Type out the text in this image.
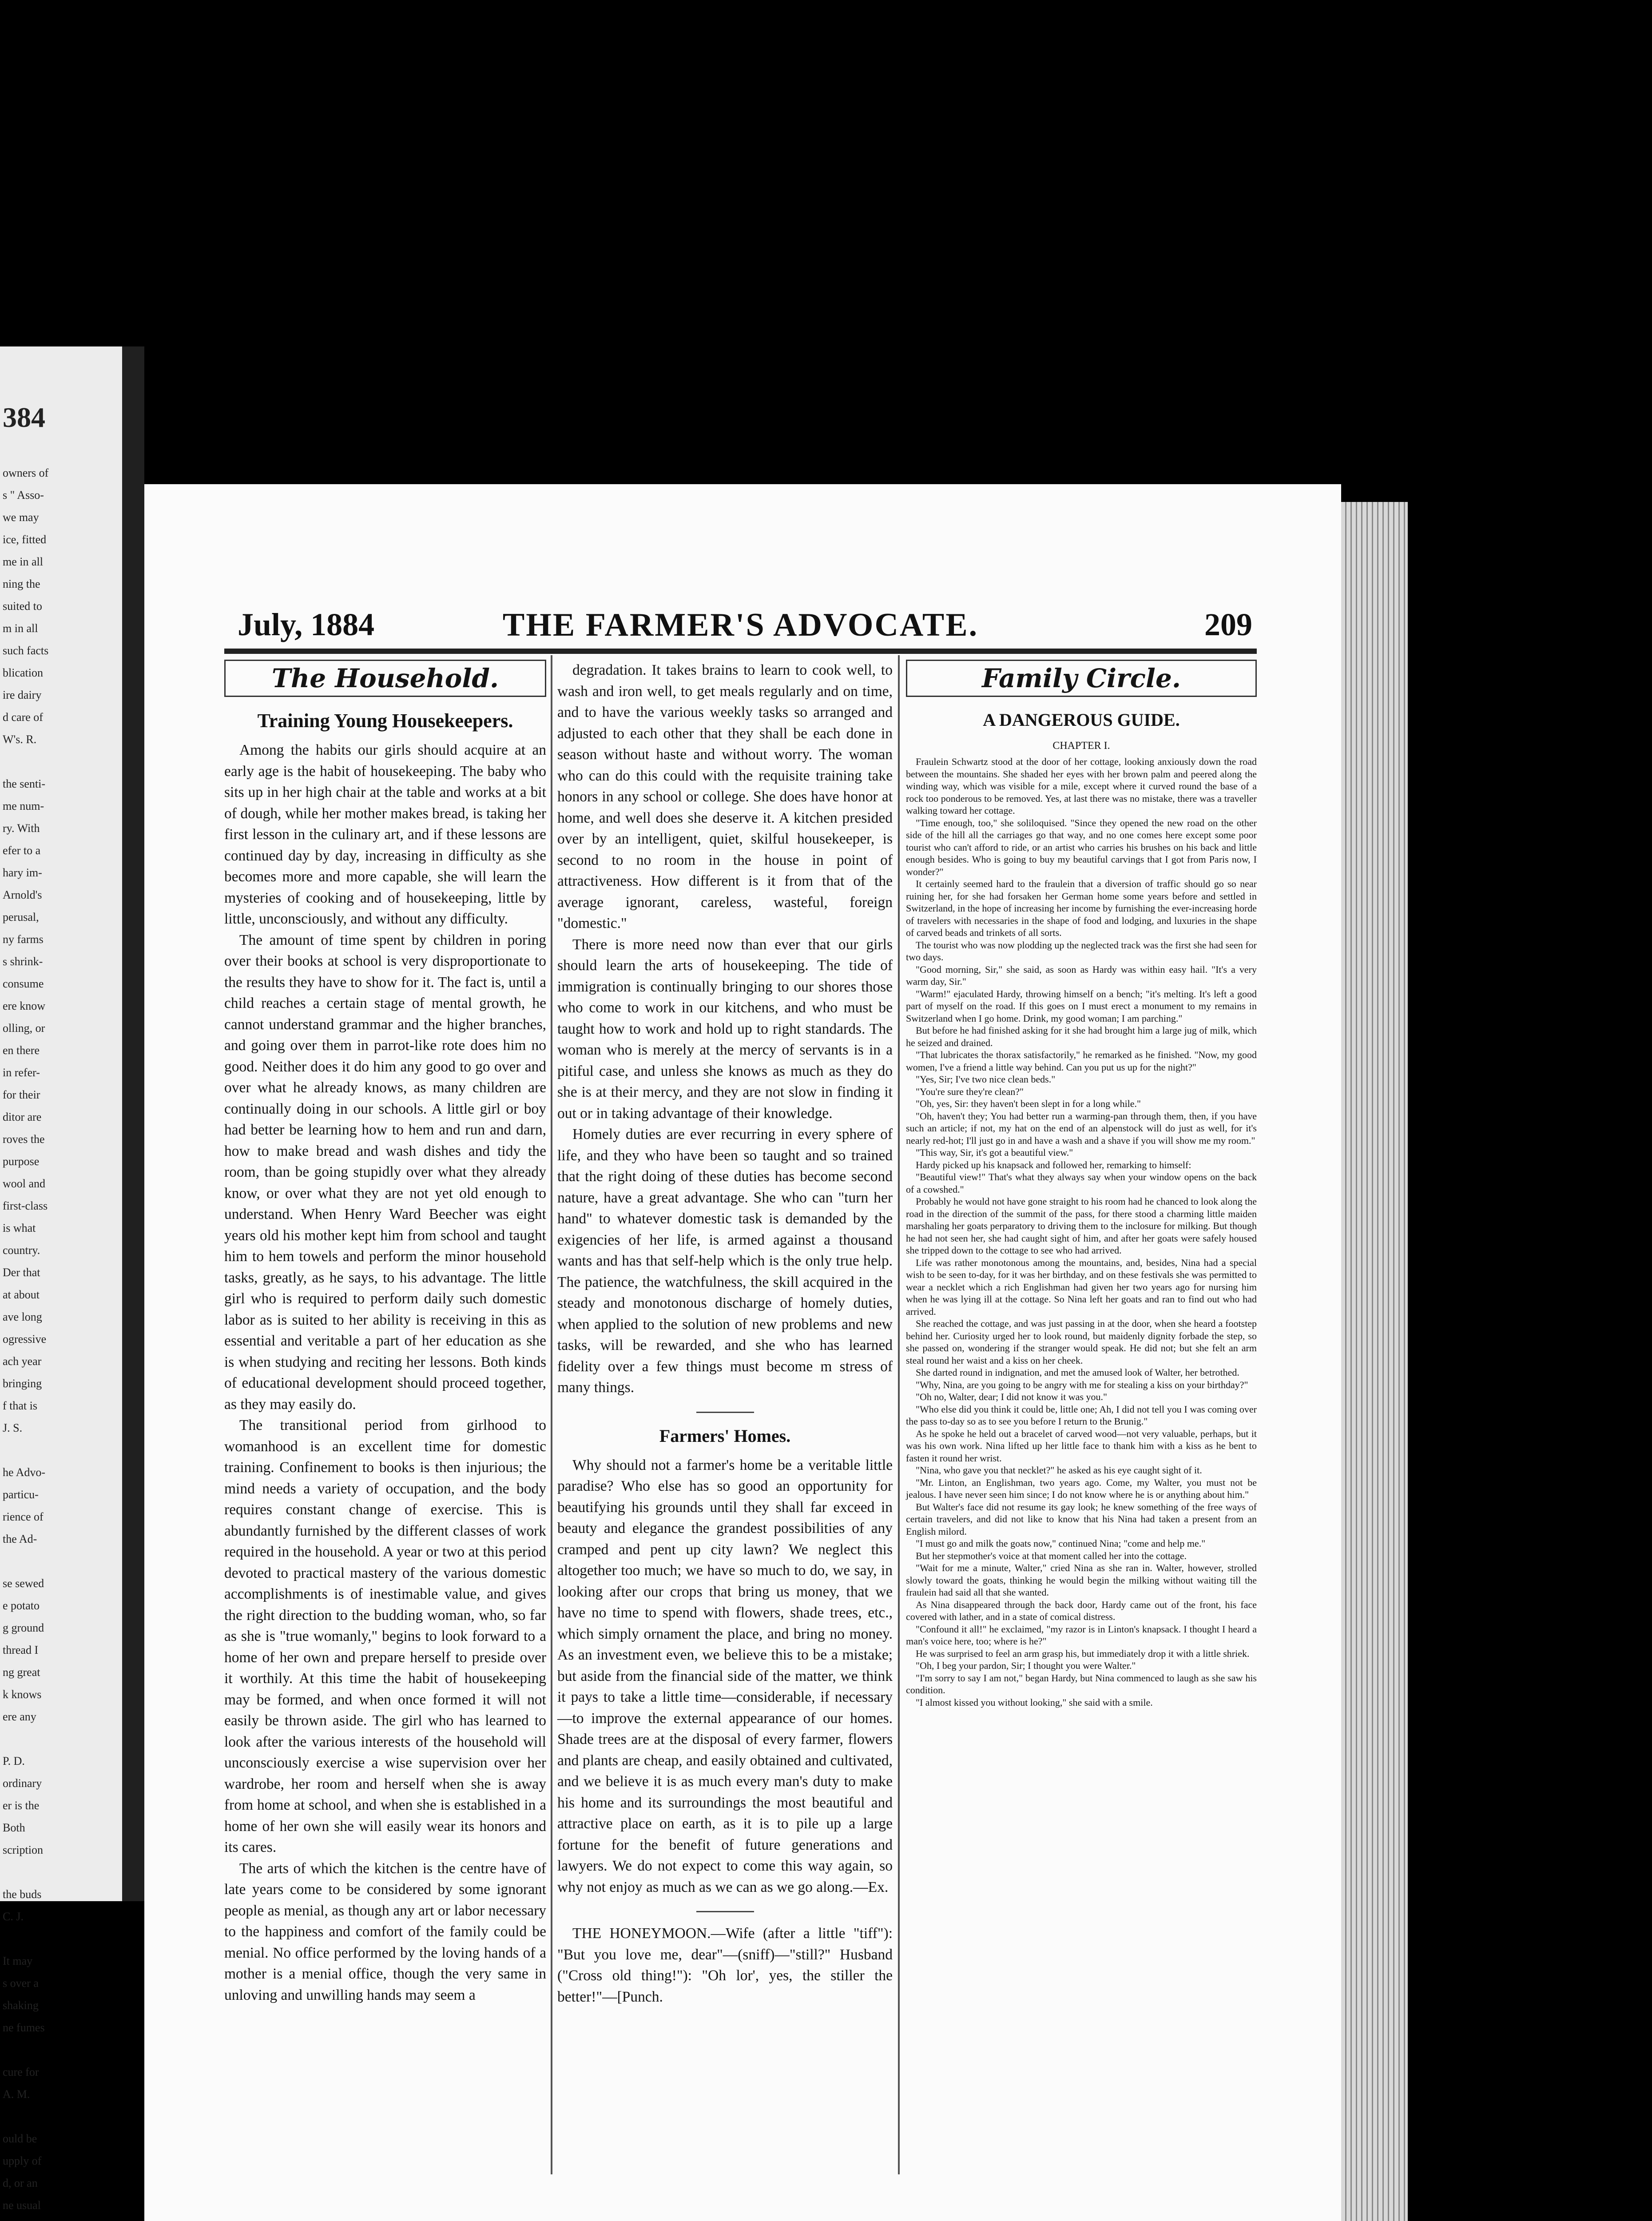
384
owners of
s " Asso-
we may
ice, fitted
me in all
ning the
suited to
m in all
such facts
blication
ire dairy
d care of
W's. R.
the senti-
me num-
ry. With
efer to a
hary im-
Arnold's
perusal,
ny farms
s shrink-
consume
ere know
olling, or
en there
in refer-
for their
ditor are
roves the
purpose
wool and
first-class
is what
country.
Der that
at about
ave long
ogressive
ach year
bringing
f that is
J. S.
he Advo-
particu-
rience of
the Ad-
se sewed
e potato
g ground
thread I
ng great
k knows
ere any
P. D.
ordinary
er is the
Both
scription
the buds
C. J.
It may
s over a
shaking
ne fumes
cure for
A. M.
ould be
upply of
d, or an
ne usual
July, 1884	THE FARMER'S ADVOCATE.	209
The Household.
Training Young Housekeepers.

Among the habits our girls should acquire at an early age is the habit of housekeeping. The baby who sits up in her high chair at the table and works at a bit of dough, while her mother makes bread, is taking her first lesson in the culinary art, and if these lessons are continued day by day, increasing in difficulty as she becomes more and more capable, she will learn the mysteries of cooking and of housekeeping, little by little, unconsciously, and without any difficulty.

The amount of time spent by children in poring over their books at school is very disproportionate to the results they have to show for it. The fact is, until a child reaches a certain stage of mental growth, he cannot understand grammar and the higher branches, and going over them in parrot-like rote does him no good. Neither does it do him any good to go over and over what he already knows, as many children are continually doing in our schools. A little girl or boy had better be learning how to hem and run and darn, how to make bread and wash dishes and tidy the room, than be going stupidly over what they already know, or over what they are not yet old enough to understand. When Henry Ward Beecher was eight years old his mother kept him from school and taught him to hem towels and perform the minor household tasks, greatly, as he says, to his advantage. The little girl who is required to perform daily such domestic labor as is suited to her ability is receiving in this as essential and veritable a part of her education as she is when studying and reciting her lessons. Both kinds of educational development should proceed together, as they may easily do.

The transitional period from girlhood to womanhood is an excellent time for domestic training. Confinement to books is then injurious; the mind needs a variety of occupation, and the body requires constant change of exercise. This is abundantly furnished by the different classes of work required in the household. A year or two at this period devoted to practical mastery of the various domestic accomplishments is of inestimable value, and gives the right direction to the budding woman, who, so far as she is "true womanly," begins to look forward to a home of her own and prepare herself to preside over it worthily. At this time the habit of housekeeping may be formed, and when once formed it will not easily be thrown aside. The girl who has learned to look after the various interests of the household will unconsciously exercise a wise supervision over her wardrobe, her room and herself when she is away from home at school, and when she is established in a home of her own she will easily wear its honors and its cares.

The arts of which the kitchen is the centre have of late years come to be considered by some ignorant people as menial, as though any art or labor necessary to the happiness and comfort of the family could be menial. No office performed by the loving hands of a mother is a menial office, though the very same in unloving and unwilling hands may seem a

degradation. It takes brains to learn to cook well, to wash and iron well, to get meals regularly and on time, and to have the various weekly tasks so arranged and adjusted to each other that they shall be each done in season without haste and without worry. The woman who can do this could with the requisite training take honors in any school or college. She does have honor at home, and well does she deserve it. A kitchen presided over by an intelligent, quiet, skilful housekeeper, is second to no room in the house in point of attractiveness. How different is it from that of the average ignorant, careless, wasteful, foreign "domestic."

There is more need now than ever that our girls should learn the arts of housekeeping. The tide of immigration is continually bringing to our shores those who come to work in our kitchens, and who must be taught how to work and hold up to right standards. The woman who is merely at the mercy of servants is in a pitiful case, and unless she knows as much as they do she is at their mercy, and they are not slow in finding it out or in taking advantage of their knowledge.

Homely duties are ever recurring in every sphere of life, and they who have been so taught and so trained that the right doing of these duties has become second nature, have a great advantage. She who can "turn her hand" to whatever domestic task is demanded by the exigencies of her life, is armed against a thousand wants and has that self-help which is the only true help. The patience, the watchfulness, the skill acquired in the steady and monotonous discharge of homely duties, when applied to the solution of new problems and new tasks, will be rewarded, and she who has learned fidelity over a few things must become m stress of many things.

Farmers' Homes.

Why should not a farmer's home be a veritable little paradise? Who else has so good an opportunity for beautifying his grounds until they shall far exceed in beauty and elegance the grandest possibilities of any cramped and pent up city lawn? We neglect this altogether too much; we have so much to do, we say, in looking after our crops that bring us money, that we have no time to spend with flowers, shade trees, etc., which simply ornament the place, and bring no money. As an investment even, we believe this to be a mistake; but aside from the financial side of the matter, we think it pays to take a little time—considerable, if necessary—to improve the external appearance of our homes. Shade trees are at the disposal of every farmer, flowers and plants are cheap, and easily obtained and cultivated, and we believe it is as much every man's duty to make his home and its surroundings the most beautiful and attractive place on earth, as it is to pile up a large fortune for the benefit of future generations and lawyers. We do not expect to come this way again, so why not enjoy as much as we can as we go along.—Ex.

THE HONEYMOON.—Wife (after a little "tiff"): "But you love me, dear"—(sniff)—"still?" Husband ("Cross old thing!"): "Oh lor', yes, the stiller the better!"—[Punch.

Family Circle.
A DANGEROUS GUIDE.
CHAPTER I.

Fraulein Schwartz stood at the door of her cottage, looking anxiously down the road between the mountains. She shaded her eyes with her brown palm and peered along the winding way, which was visible for a mile, except where it curved round the base of a rock too ponderous to be removed. Yes, at last there was no mistake, there was a traveller walking toward her cottage.

"Time enough, too," she soliloquised. "Since they opened the new road on the other side of the hill all the carriages go that way, and no one comes here except some poor tourist who can't afford to ride, or an artist who carries his brushes on his back and little enough besides. Who is going to buy my beautiful carvings that I got from Paris now, I wonder?"

It certainly seemed hard to the fraulein that a diversion of traffic should go so near ruining her, for she had forsaken her German home some years before and settled in Switzerland, in the hope of increasing her income by furnishing the ever-increasing horde of travelers with necessaries in the shape of food and lodging, and luxuries in the shape of carved beads and trinkets of all sorts.

The tourist who was now plodding up the neglected track was the first she had seen for two days.

"Good morning, Sir," she said, as soon as Hardy was within easy hail. "It's a very warm day, Sir."

"Warm!" ejaculated Hardy, throwing himself on a bench; "it's melting. It's left a good part of myself on the road. If this goes on I must erect a monument to my remains in Switzerland when I go home. Drink, my good woman; I am parching."

But before he had finished asking for it she had brought him a large jug of milk, which he seized and drained.

"That lubricates the thorax satisfactorily," he remarked as he finished. "Now, my good women, I've a friend a little way behind. Can you put us up for the night?"

"Yes, Sir; I've two nice clean beds."

"You're sure they're clean?"

"Oh, yes, Sir: they haven't been slept in for a long while."

"Oh, haven't they; You had better run a warming-pan through them, then, if you have such an article; if not, my hat on the end of an alpenstock will do just as well, for it's nearly red-hot; I'll just go in and have a wash and a shave if you will show me my room."

"This way, Sir, it's got a beautiful view."

Hardy picked up his knapsack and followed her, remarking to himself:

"Beautiful view!" That's what they always say when your window opens on the back of a cowshed."

Probably he would not have gone straight to his room had he chanced to look along the road in the direction of the summit of the pass, for there stood a charming little maiden marshaling her goats perparatory to driving them to the inclosure for milking. But though he had not seen her, she had caught sight of him, and after her goats were safely housed she tripped down to the cottage to see who had arrived.

Life was rather monotonous among the mountains, and, besides, Nina had a special wish to be seen to-day, for it was her birthday, and on these festivals she was permitted to wear a necklet which a rich Englishman had given her two years ago for nursing him when he was lying ill at the cottage. So Nina left her goats and ran to find out who had arrived.

She reached the cottage, and was just passing in at the door, when she heard a footstep behind her. Curiosity urged her to look round, but maidenly dignity forbade the step, so she passed on, wondering if the stranger would speak. He did not; but she felt an arm steal round her waist and a kiss on her cheek.

She darted round in indignation, and met the amused look of Walter, her betrothed.

"Why, Nina, are you going to be angry with me for stealing a kiss on your birthday?"

"Oh no, Walter, dear; I did not know it was you."

"Who else did you think it could be, little one; Ah, I did not tell you I was coming over the pass to-day so as to see you before I return to the Brunig."

As he spoke he held out a bracelet of carved wood—not very valuable, perhaps, but it was his own work. Nina lifted up her little face to thank him with a kiss as he bent to fasten it round her wrist.

"Nina, who gave you that necklet?" he asked as his eye caught sight of it.

"Mr. Linton, an Englishman, two years ago. Come, my Walter, you must not be jealous. I have never seen him since; I do not know where he is or anything about him."

But Walter's face did not resume its gay look; he knew something of the free ways of certain travelers, and did not like to know that his Nina had taken a present from an English milord.

"I must go and milk the goats now," continued Nina; "come and help me."

But her stepmother's voice at that moment called her into the cottage.

"Wait for me a minute, Walter," cried Nina as she ran in. Walter, however, strolled slowly toward the goats, thinking he would begin the milking without waiting till the fraulein had said all that she wanted.

As Nina disappeared through the back door, Hardy came out of the front, his face covered with lather, and in a state of comical distress.

"Confound it all!" he exclaimed, "my razor is in Linton's knapsack. I thought I heard a man's voice here, too; where is he?"

He was surprised to feel an arm grasp his, but immediately drop it with a little shriek.

"Oh, I beg your pardon, Sir; I thought you were Walter."

"I'm sorry to say I am not," began Hardy, but Nina commenced to laugh as she saw his condition.

"I almost kissed you without looking," she said with a smile.
